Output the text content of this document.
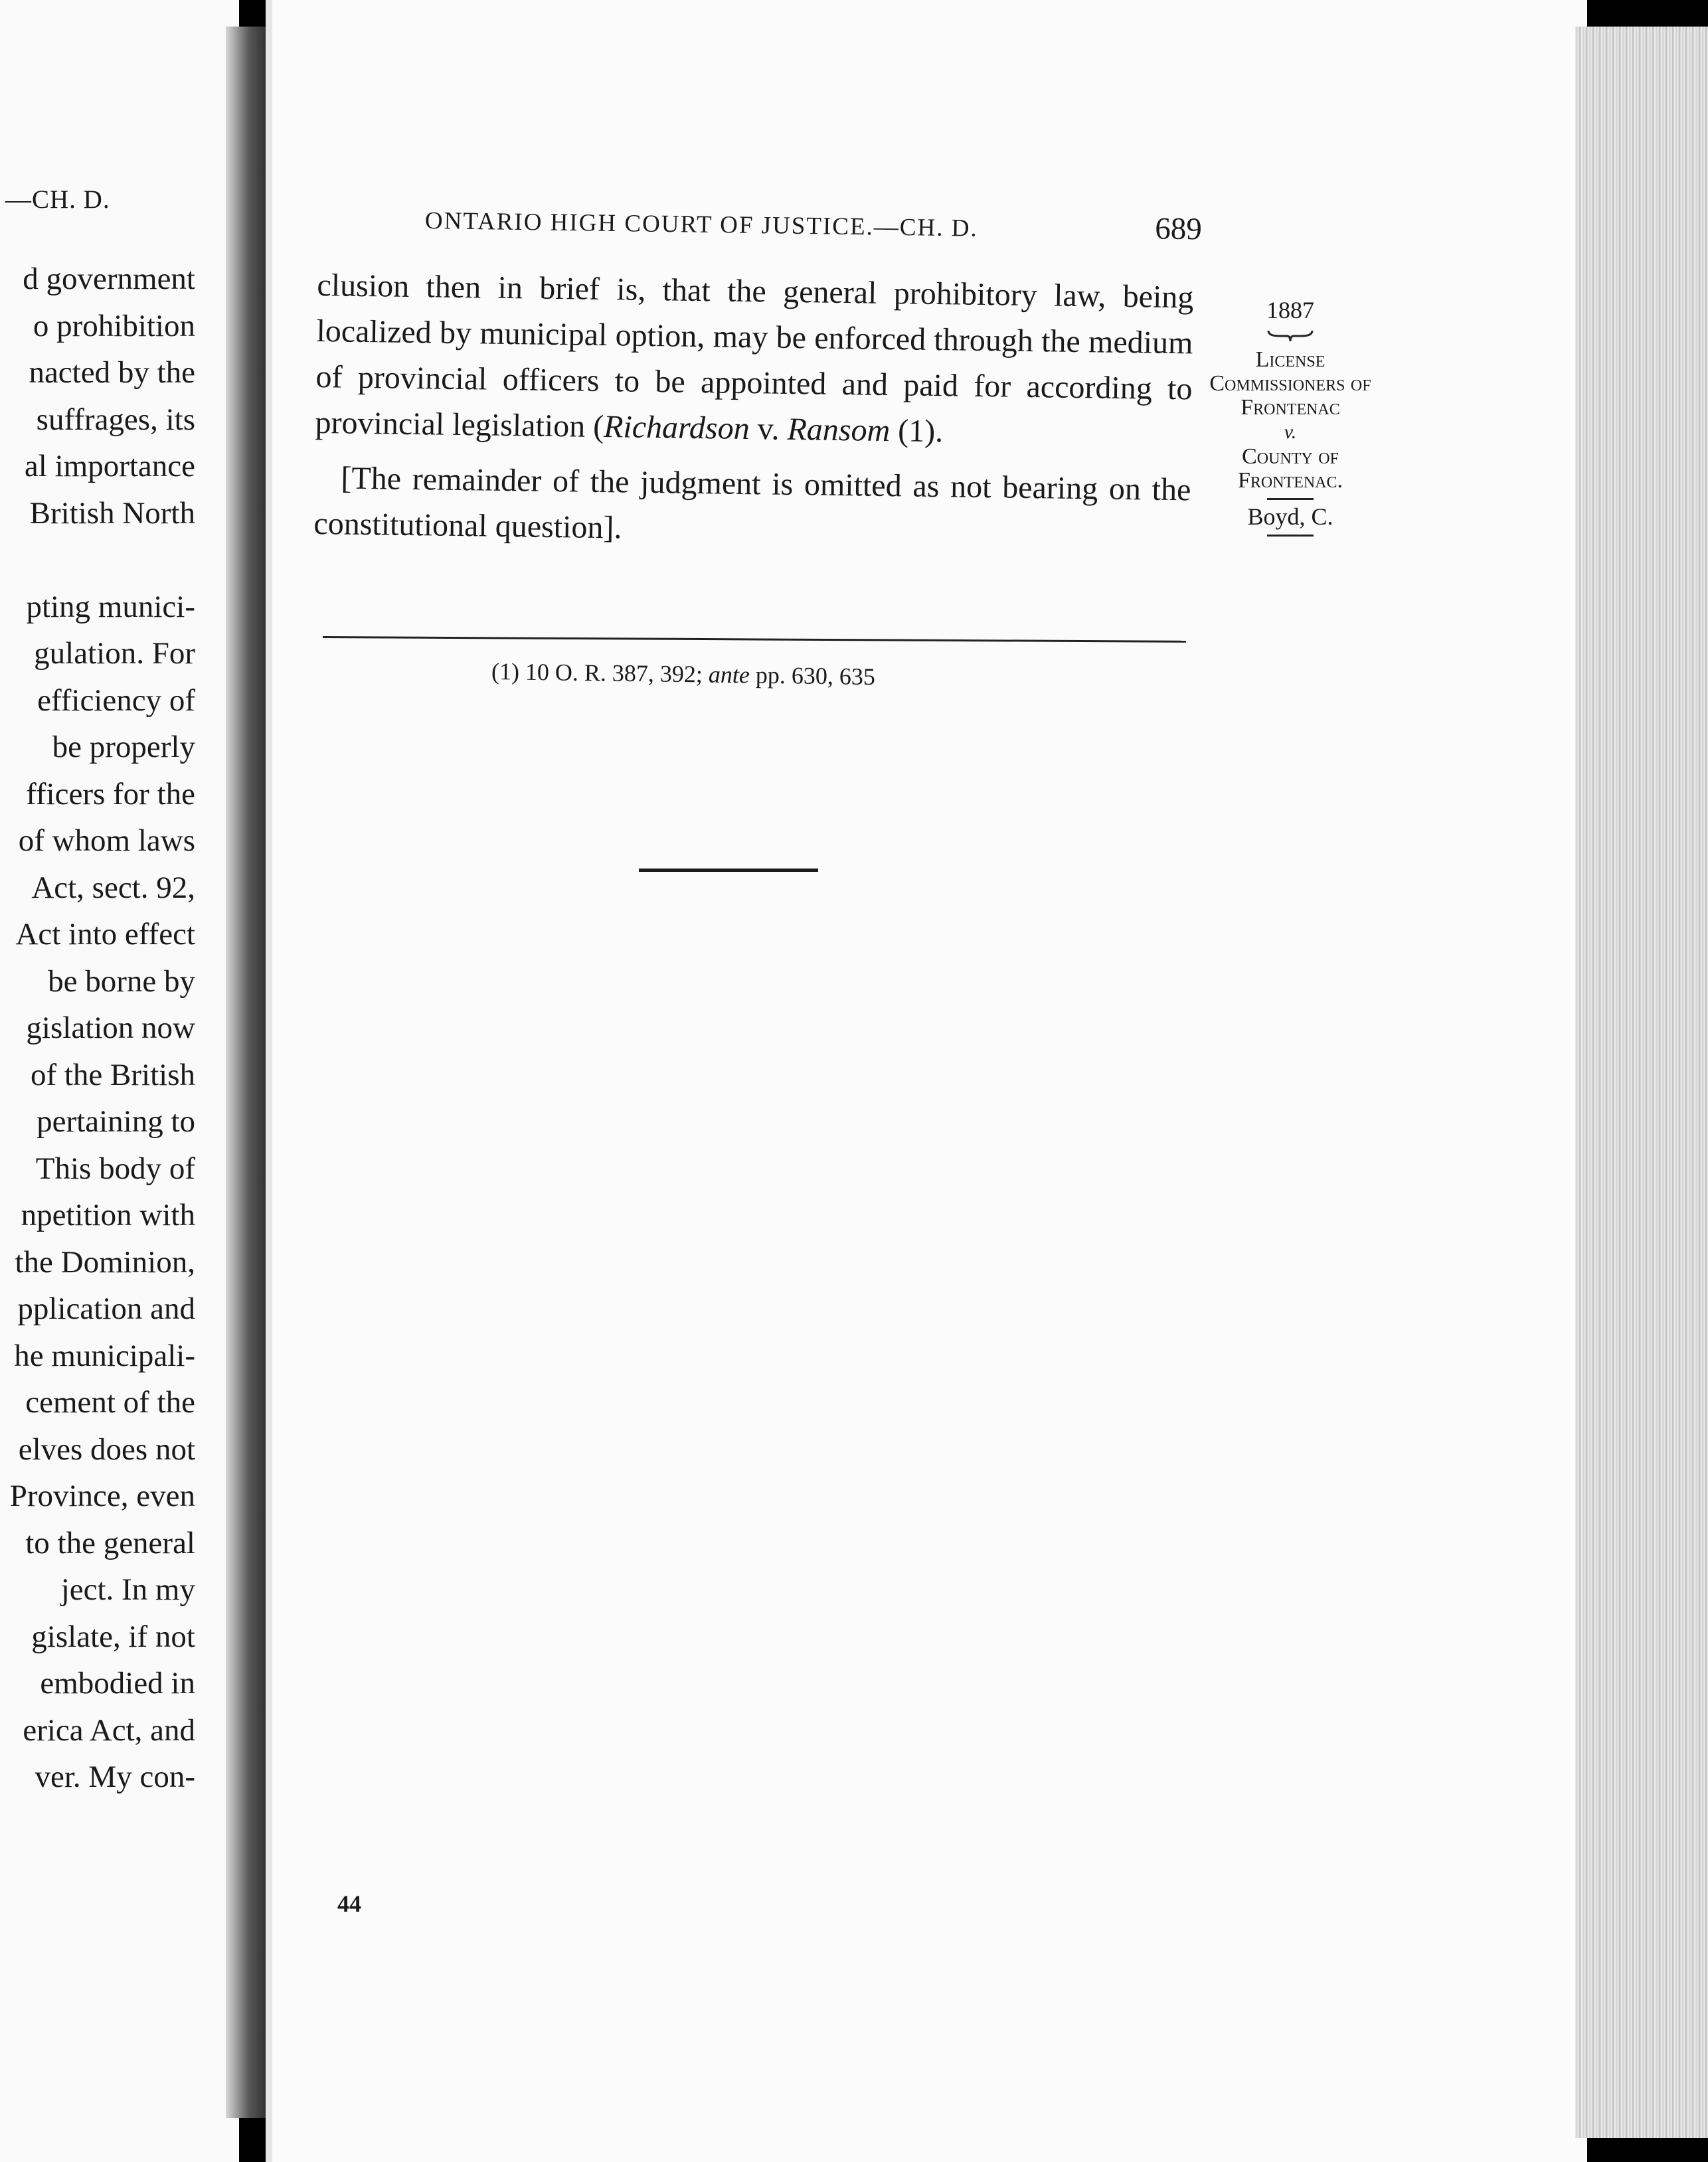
—CH. D.
d government
o prohibition
nacted by the
suffrages, its
al importance
British North

pting munici-
gulation. For
efficiency of
be properly
fficers for the
of whom laws
Act, sect. 92,
Act into effect
be borne by
gislation now
of the British
pertaining to
This body of
npetition with
the Dominion,
pplication and
he municipali-
cement of the
elves does not
Province, even
to the general
ject. In my
gislate, if not
embodied in
erica Act, and
ver. My con-
ONTARIO HIGH COURT OF JUSTICE.—CH. D.	689

clusion then in brief is, that the general prohibitory law, being localized by municipal option, may be enforced through the medium of provincial officers to be appointed and paid for according to provincial legislation (Richardson v. Ransom (1).

[The remainder of the judgment is omitted as not bearing on the constitutional question].

(1) 10 O. R. 387, 392; ante pp. 630, 635

1887
License Commissioners of Frontenac
v.
County of Frontenac.
Boyd, C.
44
